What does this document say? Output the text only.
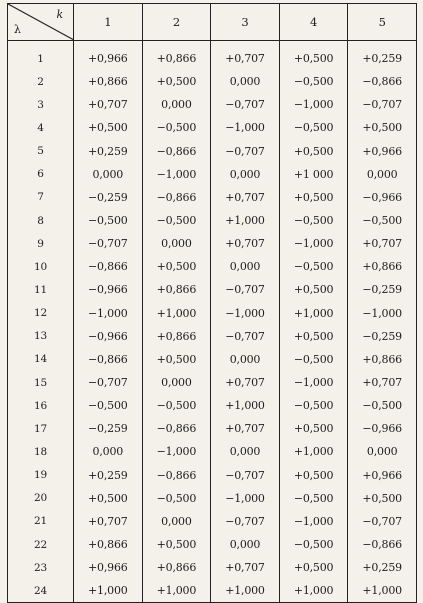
k
λ	1	2	3	4	5
1	+0,966	+0,866	+0,707	+0,500	+0,259
2	+0,866	+0,500	0,000	−0,500	−0,866
3	+0,707	0,000	−0,707	−1,000	−0,707
4	+0,500	−0,500	−1,000	−0,500	+0,500
5	+0,259	−0,866	−0,707	+0,500	+0,966
6	0,000	−1,000	0,000	+1 000	0,000
7	−0,259	−0,866	+0,707	+0,500	−0,966
8	−0,500	−0,500	+1,000	−0,500	−0,500
9	−0,707	0,000	+0,707	−1,000	+0,707
10	−0,866	+0,500	0,000	−0,500	+0,866
11	−0,966	+0,866	−0,707	+0,500	−0,259
12	−1,000	+1,000	−1,000	+1,000	−1,000
13	−0,966	+0,866	−0,707	+0,500	−0,259
14	−0,866	+0,500	0,000	−0,500	+0,866
15	−0,707	0,000	+0,707	−1,000	+0,707
16	−0,500	−0,500	+1,000	−0,500	−0,500
17	−0,259	−0,866	+0,707	+0,500	−0,966
18	0,000	−1,000	0,000	+1,000	0,000
19	+0,259	−0,866	−0,707	+0,500	+0,966
20	+0,500	−0,500	−1,000	−0,500	+0,500
21	+0,707	0,000	−0,707	−1,000	−0,707
22	+0,866	+0,500	0,000	−0,500	−0,866
23	+0,966	+0,866	+0,707	+0,500	+0,259
24	+1,000	+1,000	+1,000	+1,000	+1,000
